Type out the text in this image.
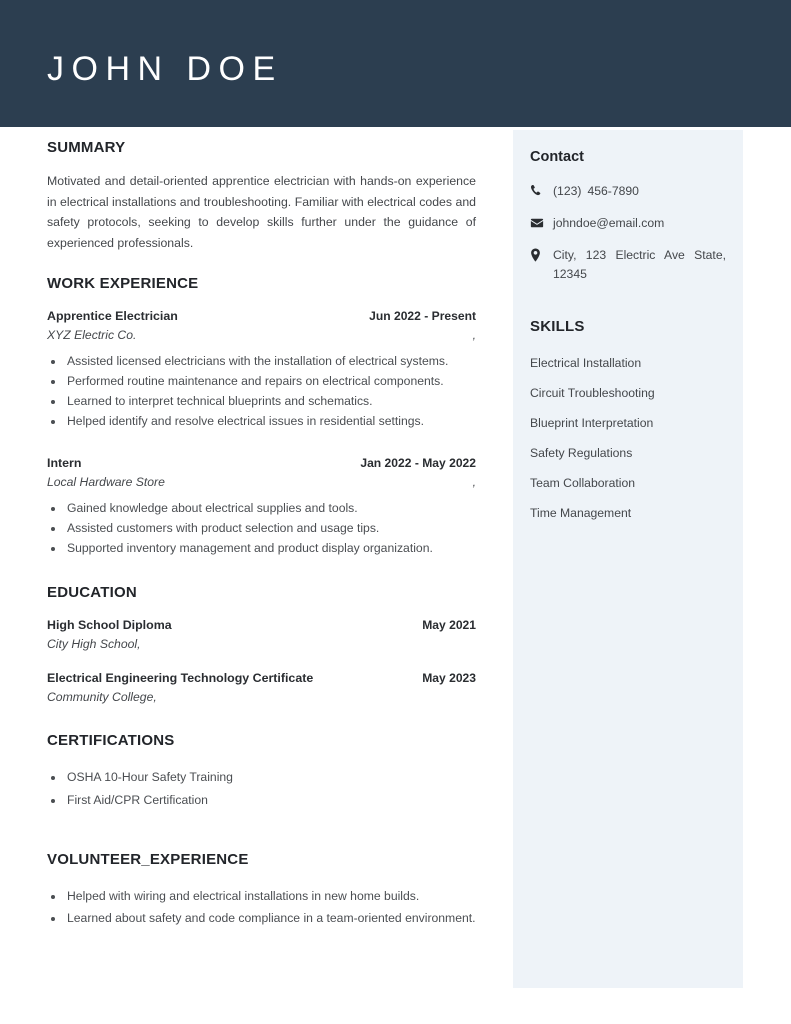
JOHN DOE
SUMMARY

Motivated and detail-oriented apprentice electrician with hands-on experience in electrical installations and troubleshooting. Familiar with electrical codes and safety protocols, seeking to develop skills further under the guidance of experienced professionals.

WORK EXPERIENCE
Apprentice Electrician	Jun 2022 - Present
XYZ Electric Co.	,
• Assisted licensed electricians with the installation of electrical systems.
• Performed routine maintenance and repairs on electrical components.
• Learned to interpret technical blueprints and schematics.
• Helped identify and resolve electrical issues in residential settings.
Intern	Jan 2022 - May 2022
Local Hardware Store	,
• Gained knowledge about electrical supplies and tools.
• Assisted customers with product selection and usage tips.
• Supported inventory management and product display organization.
EDUCATION
High School Diploma	May 2021
City High School,
Electrical Engineering Technology Certificate	May 2023
Community College,
CERTIFICATIONS
• OSHA 10-Hour Safety Training
• First Aid/CPR Certification
VOLUNTEER_EXPERIENCE
• Helped with wiring and electrical installations in new home builds.
• Learned about safety and code compliance in a team-oriented environment.
Contact
(123) 456-7890
johndoe@email.com
City, 123 Electric Ave State, 12345
SKILLS
Electrical Installation
Circuit Troubleshooting
Blueprint Interpretation
Safety Regulations
Team Collaboration
Time Management
